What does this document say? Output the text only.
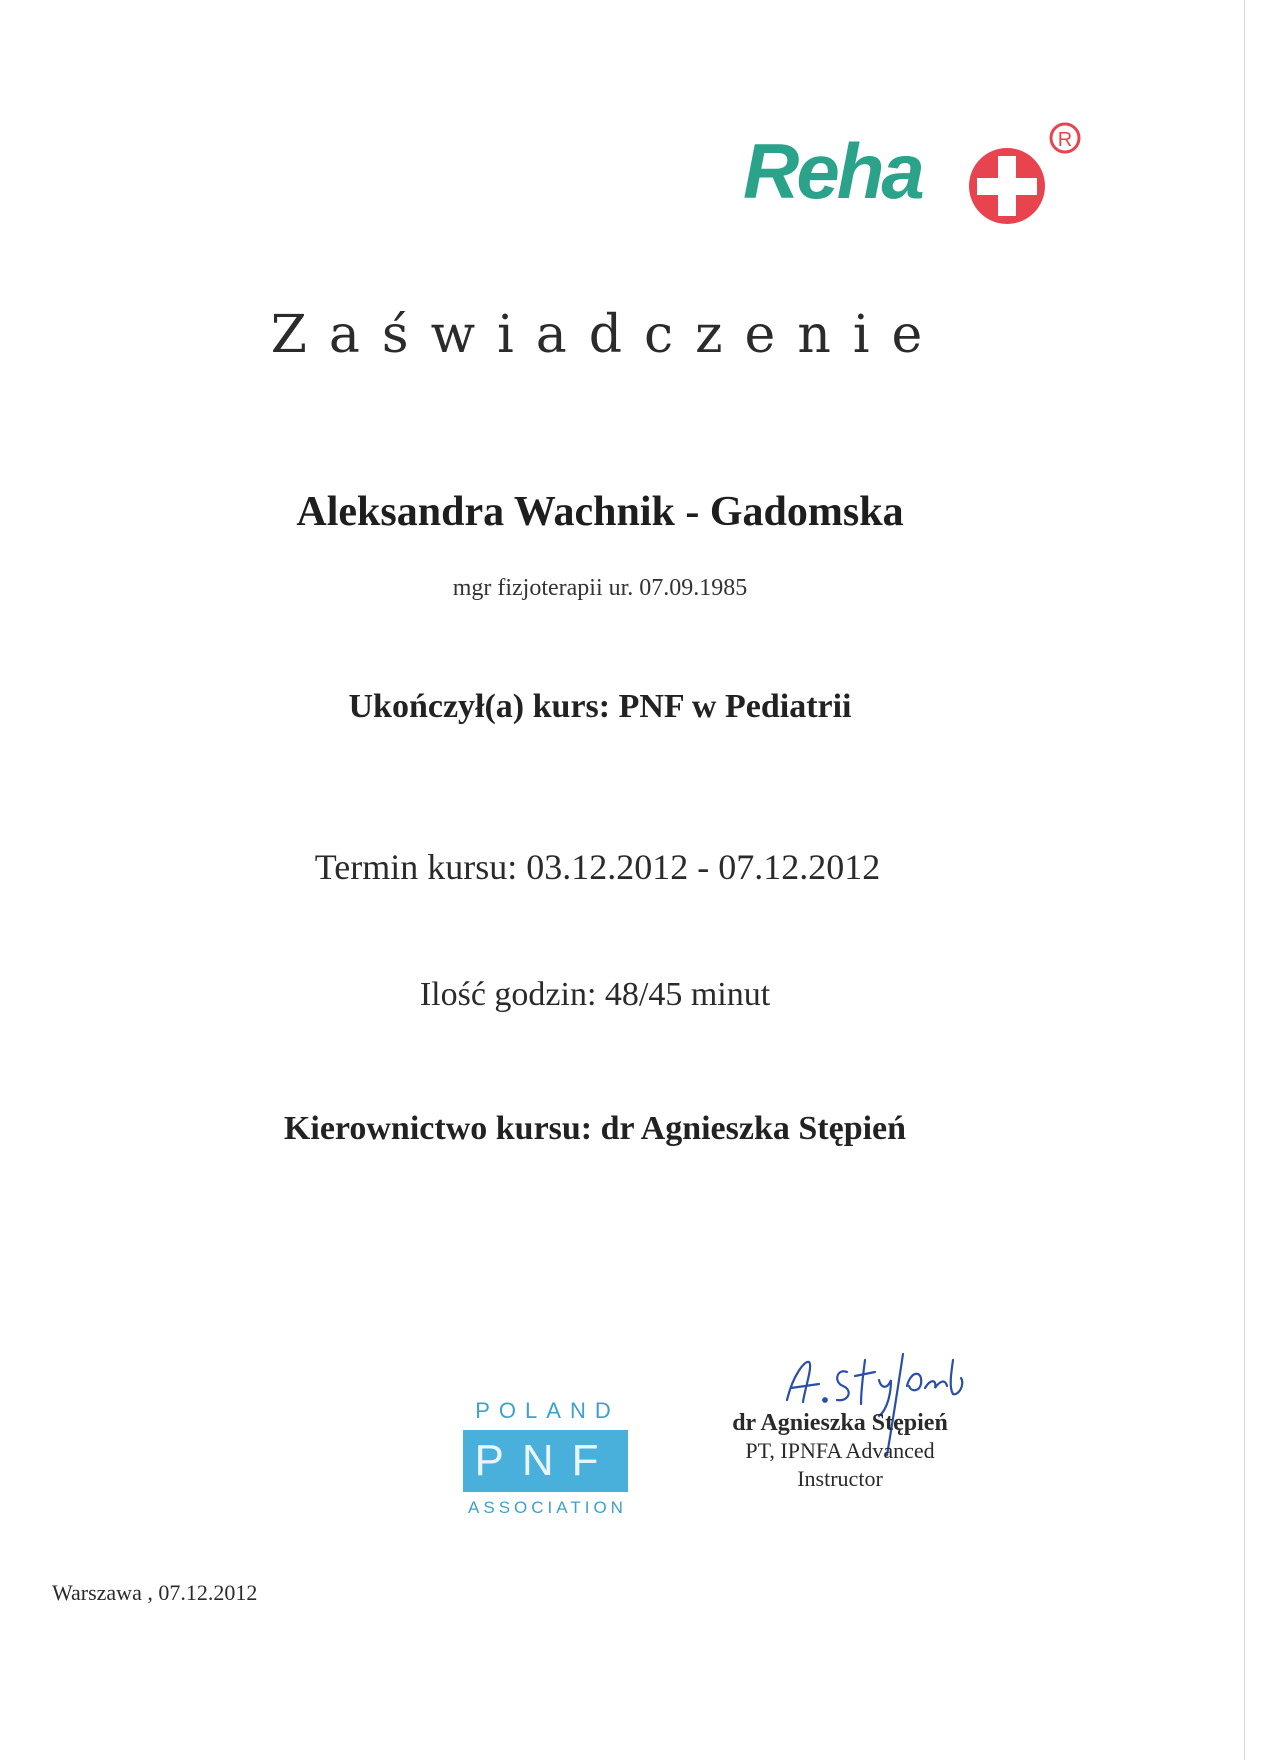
Reha	R
Zaświadczenie
Aleksandra Wachnik - Gadomska
mgr fizjoterapii ur. 07.09.1985
Ukończył(a) kurs: PNF w Pediatrii
Termin kursu: 03.12.2012 - 07.12.2012
Ilość godzin: 48/45 minut
Kierownictwo kursu: dr Agnieszka Stępień
POLAND
PNF
ASSOCIATION
dr Agnieszka Stępień
PT, IPNFA Advanced
Instructor
Warszawa , 07.12.2012
